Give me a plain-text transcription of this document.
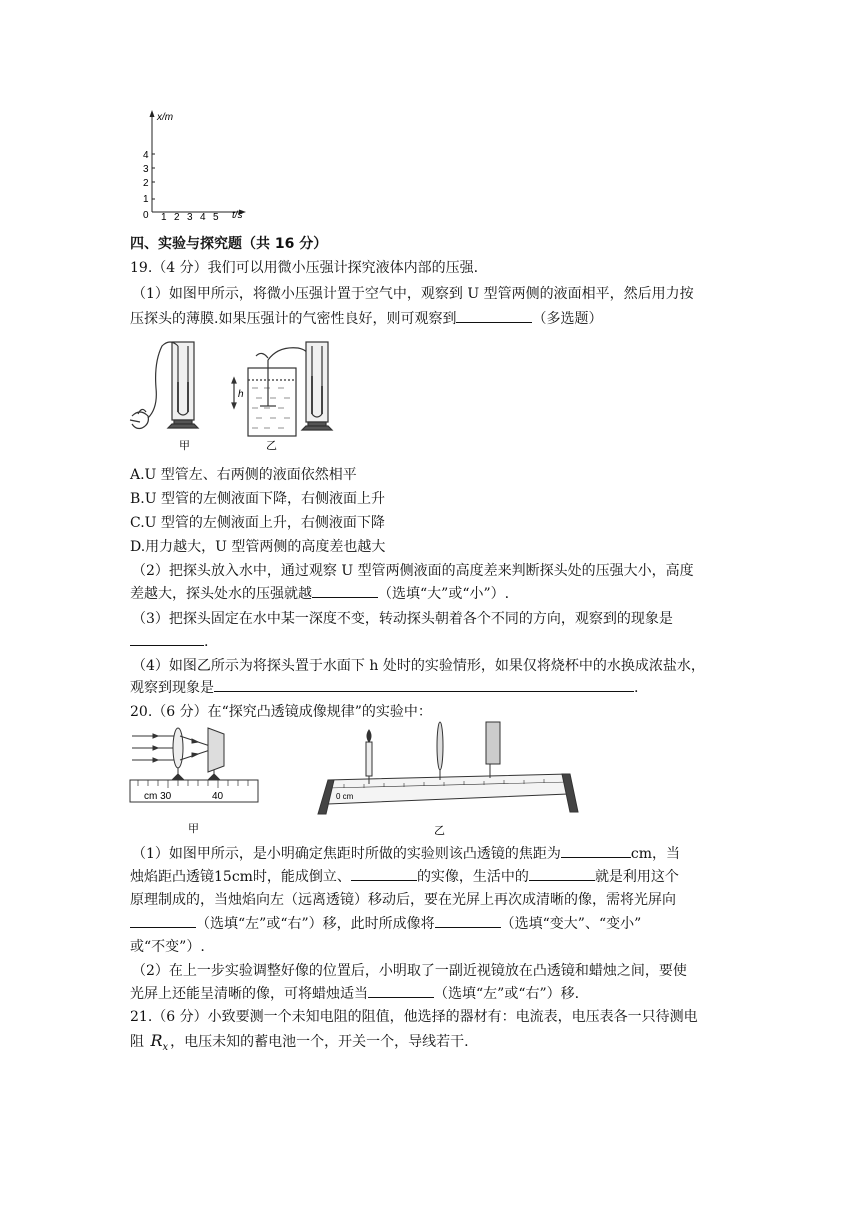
x/m
t/s
0
1
2
3
4
1 2 3 4 5
四、实验与探究题（共 16 分）
19.（4 分）我们可以用微小压强计探究液体内部的压强.
（1）如图甲所示，将微小压强计置于空气中，观察到 U 型管两侧的液面相平，然后用力按
压探头的薄膜.如果压强计的气密性良好，则可观察到	（多选题）
甲
h
乙
A.U 型管左、右两侧的液面依然相平
B.U 型管的左侧液面下降，右侧液面上升
C.U 型管的左侧液面上升，右侧液面下降
D.用力越大，U 型管两侧的高度差也越大
（2）把探头放入水中，通过观察 U 型管两侧液面的高度差来判断探头处的压强大小，高度
差越大，探头处水的压强就越	（选填“大”或“小”）.
（3）把探头固定在水中某一深度不变，转动探头朝着各个不同的方向，观察到的现象是
.
（4）如图乙所示为将探头置于水面下 h 处时的实验情形，如果仅将烧杯中的水换成浓盐水，
观察到现象是	.
20.（6 分）在“探究凸透镜成像规律”的实验中：
cm 30	40
甲
0 cm
乙
（1）如图甲所示，是小明确定焦距时所做的实验则该凸透镜的焦距为	cm，当
烛焰距凸透镜15cm时，能成倒立、	的实像，生活中的	就是利用这个
原理制成的，当烛焰向左（远离透镜）移动后，要在光屏上再次成清晰的像，需将光屏向
（选填“左”或“右”）移，此时所成像将	（选填“变大”、“变小”
或“不变”）.
（2）在上一步实验调整好像的位置后，小明取了一副近视镜放在凸透镜和蜡烛之间，要使
光屏上还能呈清晰的像，可将蜡烛适当	（选填“左”或“右”）移.
21.（6 分）小致要测一个未知电阻的阻值，他选择的器材有：电流表，电压表各一只待测电
阻 $R_x$ ，电压未知的蓄电池一个，开关一个，导线若干.
